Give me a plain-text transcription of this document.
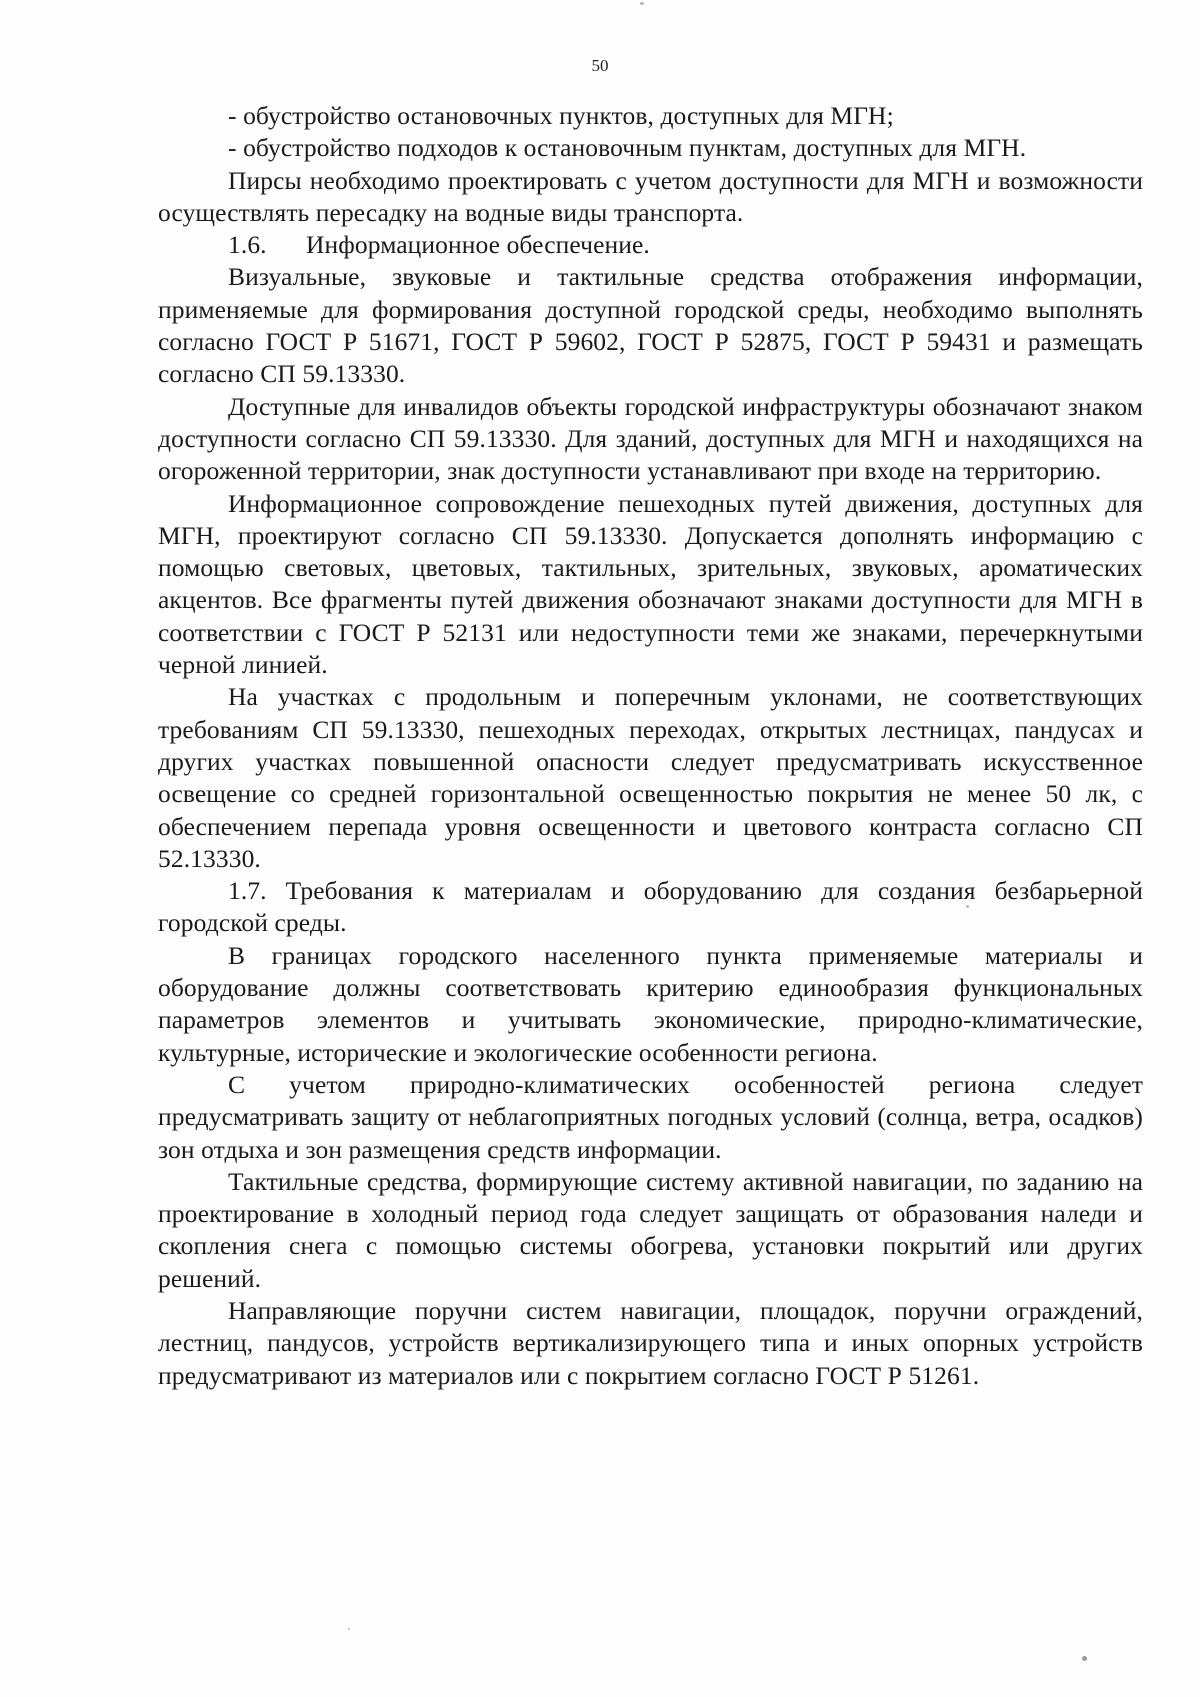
50

- обустройство остановочных пунктов, доступных для МГН;

- обустройство подходов к остановочным пунктам, доступных для МГН.

Пирсы необходимо проектировать с учетом доступности для МГН и возможности осуществлять пересадку на водные виды транспорта.

1.6. Информационное обеспечение.

Визуальные, звуковые и тактильные средства отображения информации, применяемые для формирования доступной городской среды, необходимо выполнять согласно ГОСТ Р 51671, ГОСТ Р 59602, ГОСТ Р 52875, ГОСТ Р 59431 и размещать согласно СП 59.13330.

Доступные для инвалидов объекты городской инфраструктуры обозначают знаком доступности согласно СП 59.13330. Для зданий, доступных для МГН и находящихся на огороженной территории, знак доступности устанавливают при входе на территорию.

Информационное сопровождение пешеходных путей движения, доступных для МГН, проектируют согласно СП 59.13330. Допускается дополнять информацию с помощью световых, цветовых, тактильных, зрительных, звуковых, ароматических акцентов. Все фрагменты путей движения обозначают знаками доступности для МГН в соответствии с ГОСТ Р 52131 или недоступности теми же знаками, перечеркнутыми черной линией.

На участках с продольным и поперечным уклонами, не соответствующих требованиям СП 59.13330, пешеходных переходах, открытых лестницах, пандусах и других участках повышенной опасности следует предусматривать искусственное освещение со средней горизонтальной освещенностью покрытия не менее 50 лк, с обеспечением перепада уровня освещенности и цветового контраста согласно СП 52.13330.

1.7. Требования к материалам и оборудованию для создания безбарьерной городской среды.

В границах городского населенного пункта применяемые материалы и оборудование должны соответствовать критерию единообразия функциональных параметров элементов и учитывать экономические, природно-климатические, культурные, исторические и экологические особенности региона.

С учетом природно-климатических особенностей региона следует предусматривать защиту от неблагоприятных погодных условий (солнца, ветра, осадков) зон отдыха и зон размещения средств информации.

Тактильные средства, формирующие систему активной навигации, по заданию на проектирование в холодный период года следует защищать от образования наледи и скопления снега с помощью системы обогрева, установки покрытий или других решений.

Направляющие поручни систем навигации, площадок, поручни ограждений, лестниц, пандусов, устройств вертикализирующего типа и иных опорных устройств предусматривают из материалов или с покрытием согласно ГОСТ Р 51261.
